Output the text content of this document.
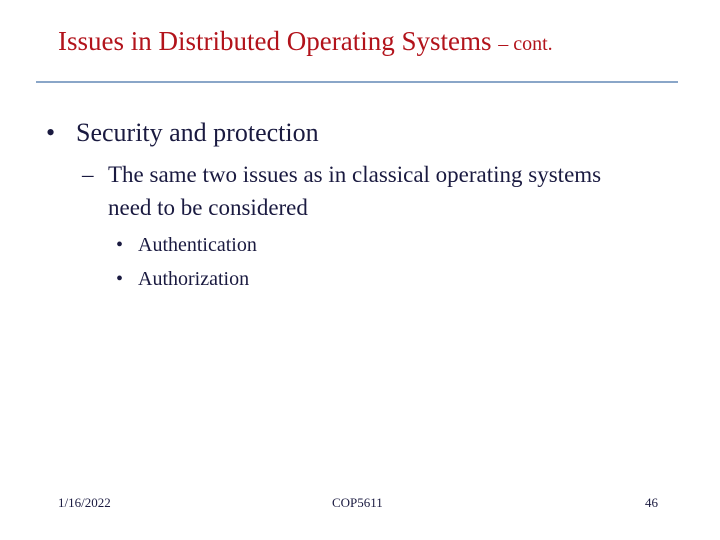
Issues in Distributed Operating Systems – cont.
• Security and protection
– The same two issues as in classical operating systems need to be considered
• Authentication
• Authorization
1/16/2022	COP5611	46
